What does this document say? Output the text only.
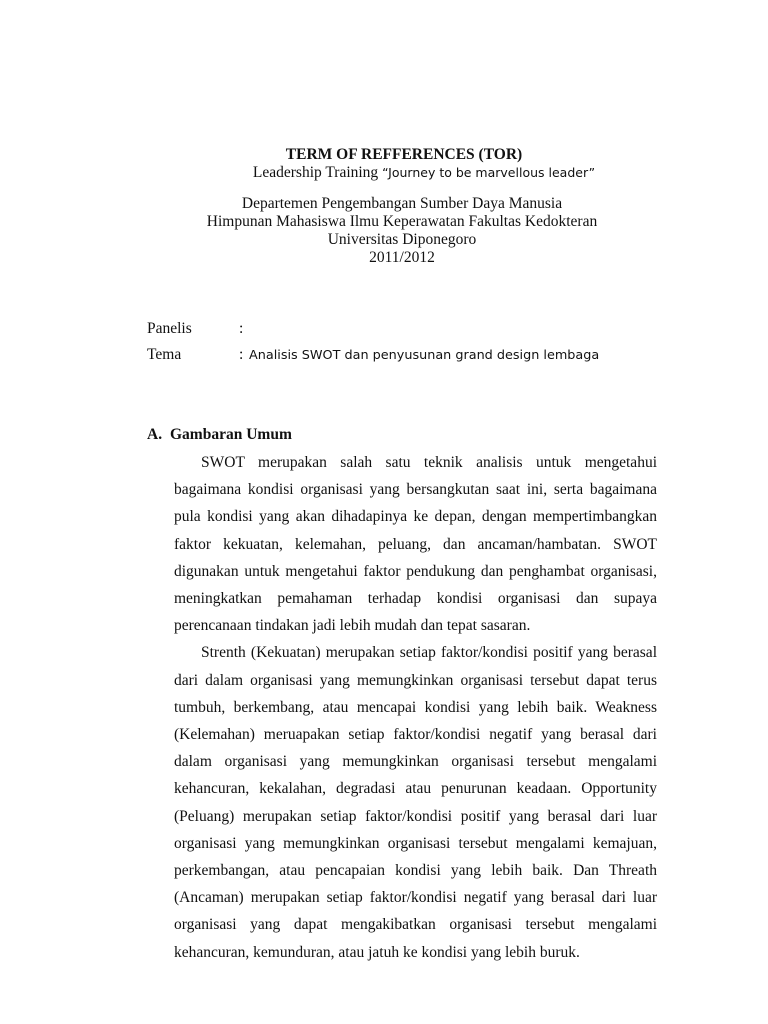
TERM OF REFFERENCES (TOR)
Leadership Training “Journey to be marvellous leader”
Departemen Pengembangan Sumber Daya Manusia
Himpunan Mahasiswa Ilmu Keperawatan Fakultas Kedokteran
Universitas Diponegoro
2011/2012
Panelis	:
Tema	: Analisis SWOT dan penyusunan grand design lembaga
A. Gambaran Umum

SWOT merupakan salah satu teknik analisis untuk mengetahui bagaimana kondisi organisasi yang bersangkutan saat ini, serta bagaimana pula kondisi yang akan dihadapinya ke depan, dengan mempertimbangkan faktor kekuatan, kelemahan, peluang, dan ancaman/hambatan. SWOT digunakan untuk mengetahui faktor pendukung dan penghambat organisasi, meningkatkan pemahaman terhadap kondisi organisasi dan supaya perencanaan tindakan jadi lebih mudah dan tepat sasaran.

Strenth (Kekuatan) merupakan setiap faktor/kondisi positif yang berasal dari dalam organisasi yang memungkinkan organisasi tersebut dapat terus tumbuh, berkembang, atau mencapai kondisi yang lebih baik. Weakness (Kelemahan) meruapakan setiap faktor/kondisi negatif yang berasal dari dalam organisasi yang memungkinkan organisasi tersebut mengalami kehancuran, kekalahan, degradasi atau penurunan keadaan. Opportunity (Peluang) merupakan setiap faktor/kondisi positif yang berasal dari luar organisasi yang memungkinkan organisasi tersebut mengalami kemajuan, perkembangan, atau pencapaian kondisi yang lebih baik. Dan Threath (Ancaman) merupakan setiap faktor/kondisi negatif yang berasal dari luar organisasi yang dapat mengakibatkan organisasi tersebut mengalami kehancuran, kemunduran, atau jatuh ke kondisi yang lebih buruk.
